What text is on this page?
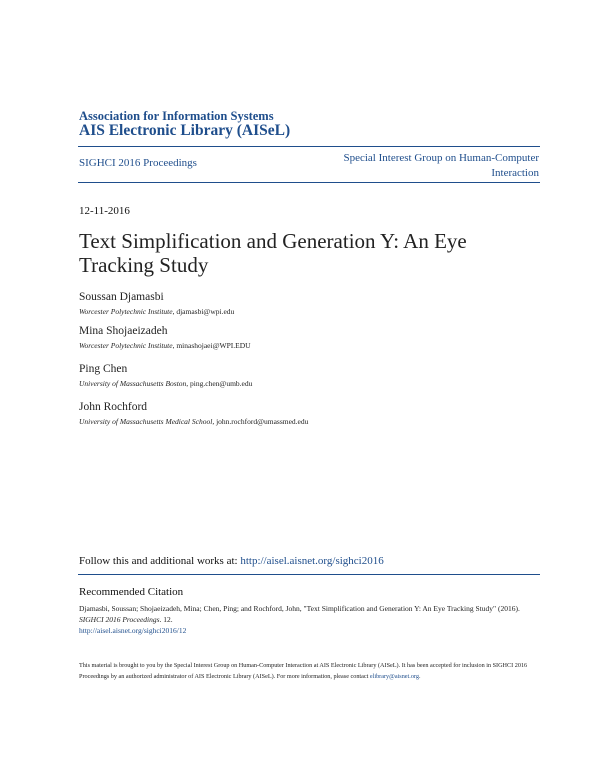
Association for Information Systems
AIS Electronic Library (AISeL)
SIGHCI 2016 Proceedings	Special Interest Group on Human-Computer Interaction
12-11-2016
Text Simplification and Generation Y: An Eye Tracking Study
Soussan Djamasbi
Worcester Polytechnic Institute, djamasbi@wpi.edu
Mina Shojaeizadeh
Worcester Polytechnic Institute, minashojaei@WPI.EDU
Ping Chen
University of Massachusetts Boston, ping.chen@umb.edu
John Rochford
University of Massachusetts Medical School, john.rochford@umassmed.edu
Follow this and additional works at: http://aisel.aisnet.org/sighci2016
Recommended Citation
Djamasbi, Soussan; Shojaeizadeh, Mina; Chen, Ping; and Rochford, John, "Text Simplification and Generation Y: An Eye Tracking Study" (2016). SIGHCI 2016 Proceedings. 12.
http://aisel.aisnet.org/sighci2016/12
This material is brought to you by the Special Interest Group on Human-Computer Interaction at AIS Electronic Library (AISeL). It has been accepted for inclusion in SIGHCI 2016 Proceedings by an authorized administrator of AIS Electronic Library (AISeL). For more information, please contact elibrary@aisnet.org.
